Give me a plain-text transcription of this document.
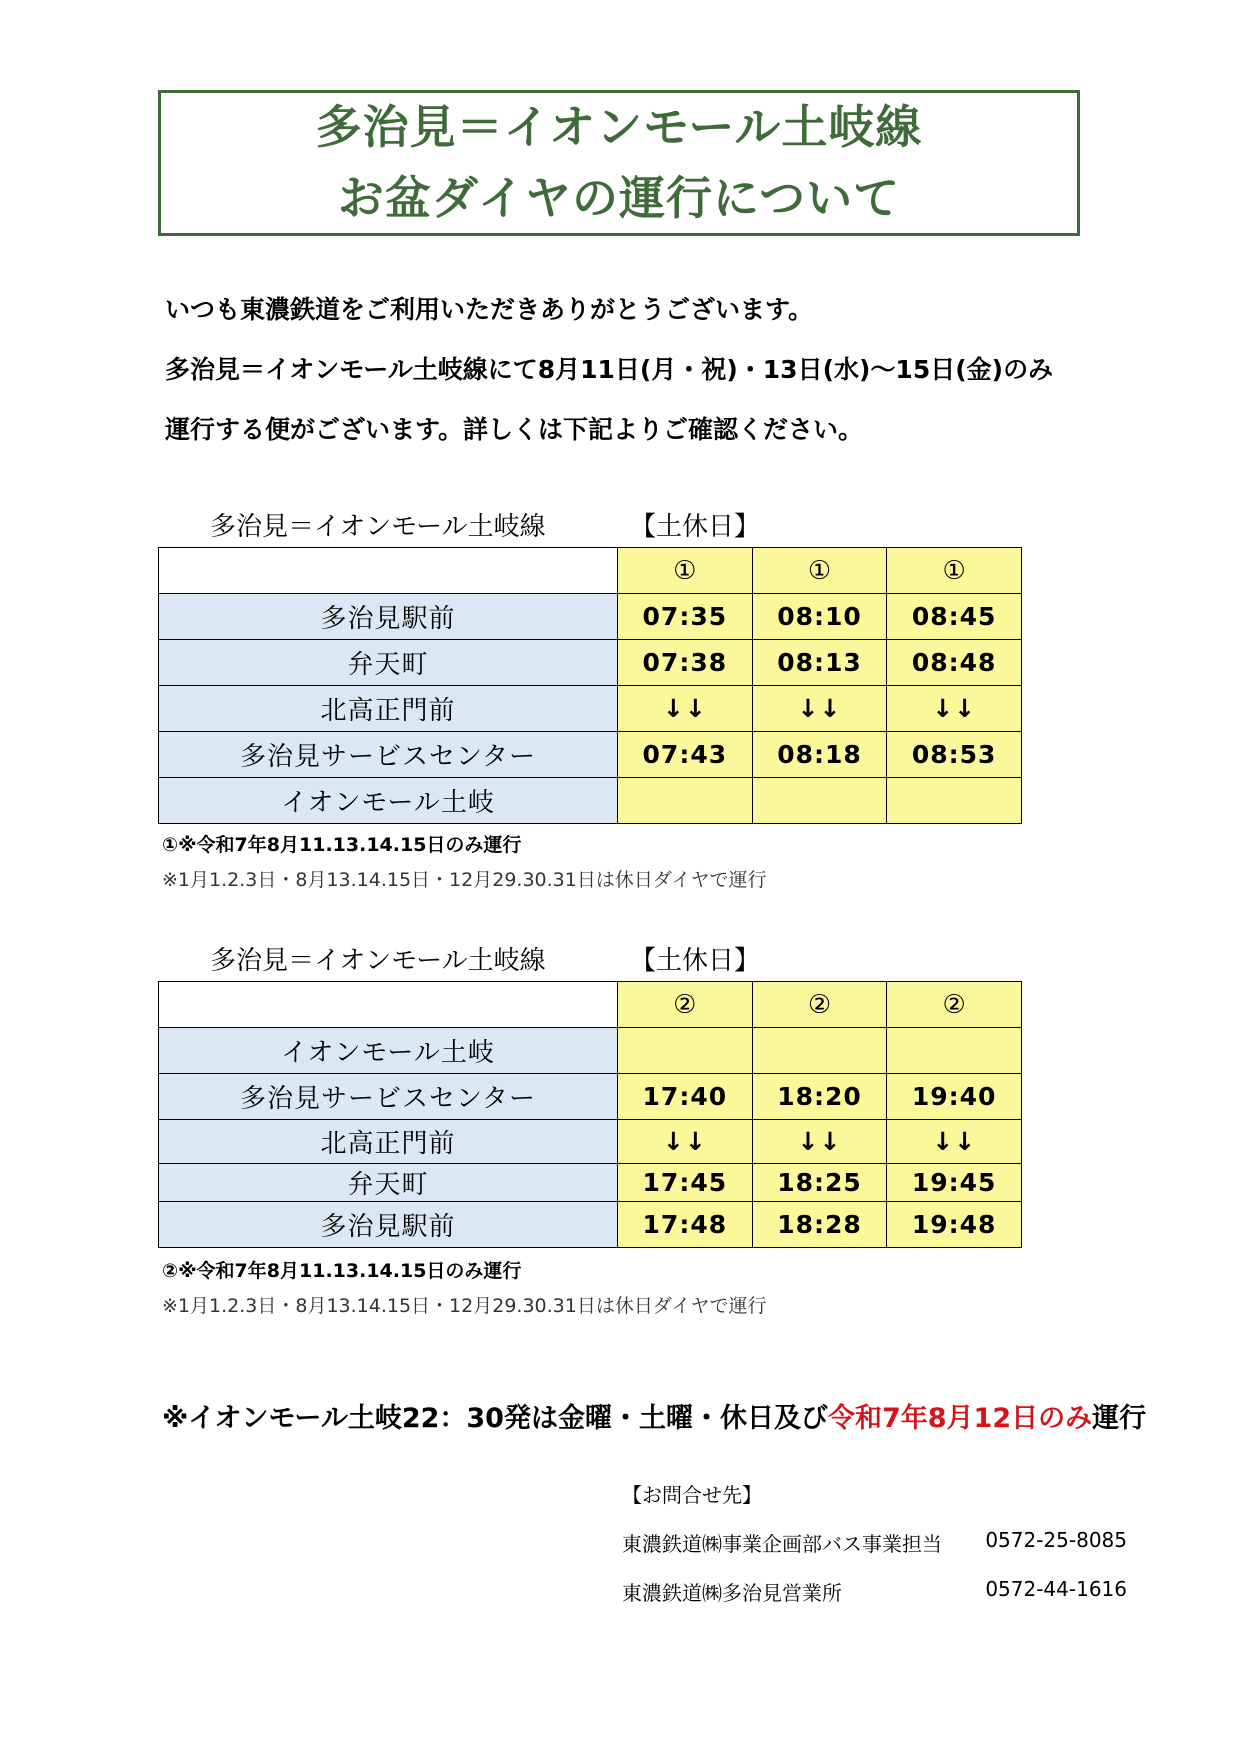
多治見＝イオンモール土岐線
お盆ダイヤの運行について

いつも東濃鉄道をご利用いただきありがとうございます。

多治見＝イオンモール土岐線にて8月11日(月・祝)・13日(水)～15日(金)のみ

運行する便がございます。詳しくは下記よりご確認ください。

多治見＝イオンモール土岐線	【土休日】
	①	①	①
多治見駅前	07:35	08:10	08:45
弁天町	07:38	08:13	08:48
北高正門前	↓↓	↓↓	↓↓
多治見サービスセンター	07:43	08:18	08:53
イオンモール土岐			
①※令和7年8月11.13.14.15日のみ運行
※1月1.2.3日・8月13.14.15日・12月29.30.31日は休日ダイヤで運行
多治見＝イオンモール土岐線	【土休日】
	②	②	②
イオンモール土岐			
多治見サービスセンター	17:40	18:20	19:40
北高正門前	↓↓	↓↓	↓↓
弁天町	17:45	18:25	19:45
多治見駅前	17:48	18:28	19:48
②※令和7年8月11.13.14.15日のみ運行
※1月1.2.3日・8月13.14.15日・12月29.30.31日は休日ダイヤで運行
※イオンモール土岐22：30発は金曜・土曜・休日及び令和7年8月12日のみ運行
【お問合せ先】
東濃鉄道㈱事業企画部バス事業担当 0572-25-8085
東濃鉄道㈱多治見営業所	0572-44-1616
